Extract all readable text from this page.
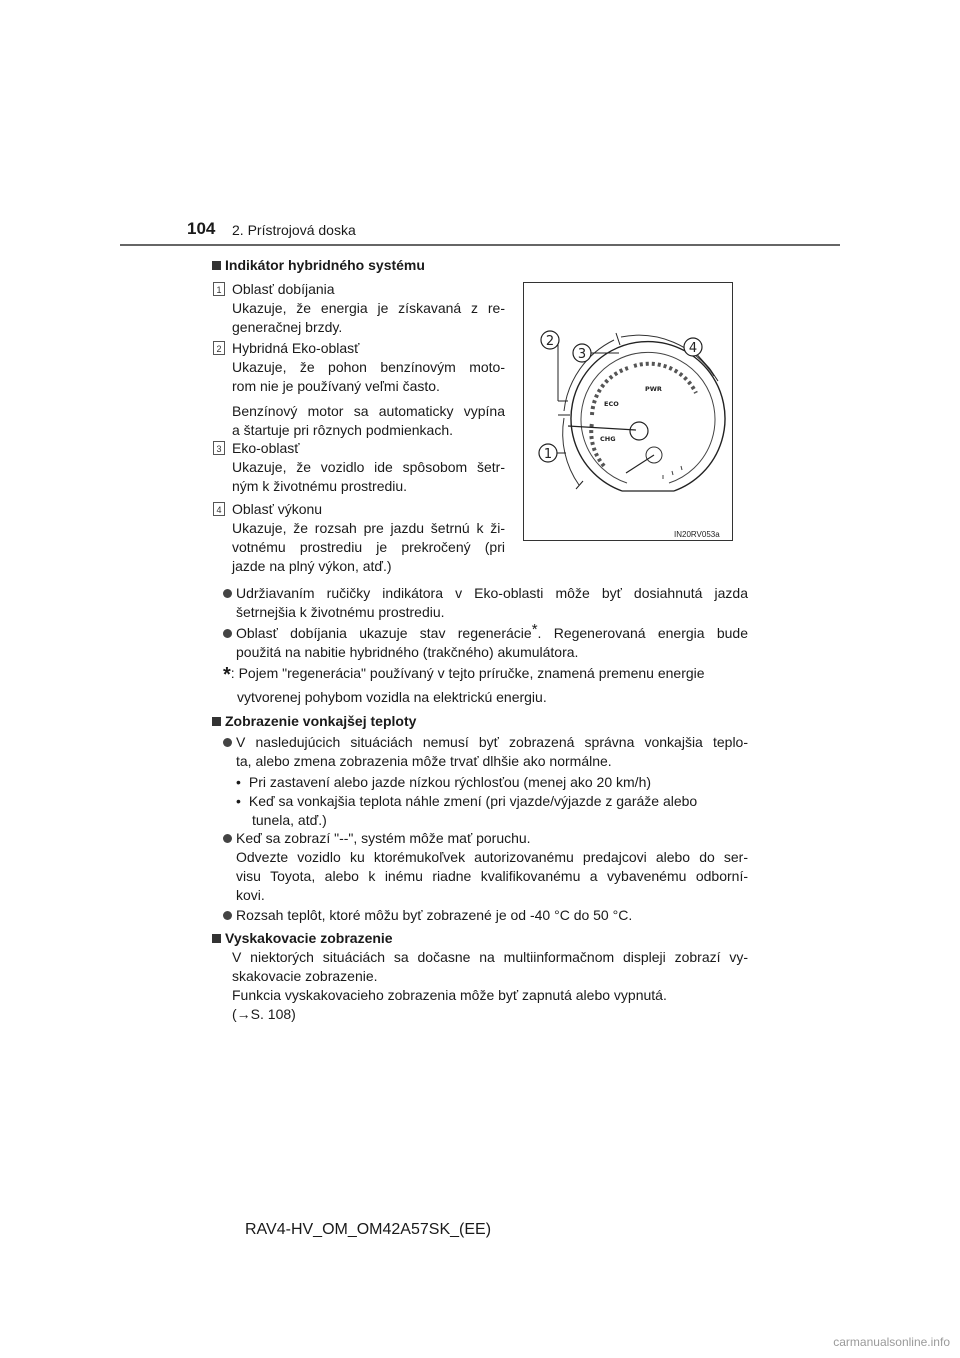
104 2. Prístrojová doska
Indikátor hybridného systému
1 Oblasť dobíjania
Ukazuje, že energia je získavaná z re-
generačnej brzdy.
2 Hybridná Eko-oblasť
Ukazuje, že pohon benzínovým moto-
rom nie je používaný veľmi často.
Benzínový motor sa automaticky vypína
a štartuje pri rôznych podmienkach.
3 Eko-oblasť
Ukazuje, že vozidlo ide spôsobom šetr-
ným k životnému prostrediu.
4 Oblasť výkonu
Ukazuje, že rozsah pre jazdu šetrnú k ži-
votnému prostrediu je prekročený (pri
jazde na plný výkon, atď.)
ECO
PWR
CHG
2
3	4
1
IN20RV053a
Udržiavaním ručičky indikátora v Eko-oblasti môže byť dosiahnutá jazda
šetrnejšia k životnému prostrediu.
Oblasť dobíjania ukazuje stav regenerácie*. Regenerovaná energia bude
použitá na nabitie hybridného (trakčného) akumulátora.
*: Pojem "regenerácia" používaný v tejto príručke, znamená premenu energie
vytvorenej pohybom vozidla na elektrickú energiu.
Zobrazenie vonkajšej teploty
V nasledujúcich situáciách nemusí byť zobrazená správna vonkajšia teplo-
ta, alebo zmena zobrazenia môže trvať dlhšie ako normálne.
• Pri zastavení alebo jazde nízkou rýchlosťou (menej ako 20 km/h)
• Keď sa vonkajšia teplota náhle zmení (pri vjazde/výjazde z garáže alebo
tunela, atď.)
Keď sa zobrazí "--", systém môže mať poruchu.
Odvezte vozidlo ku ktorémukoľvek autorizovanému predajcovi alebo do ser-
visu Toyota, alebo k inému riadne kvalifikovanému a vybavenému odborní-
kovi.
Rozsah teplôt, ktoré môžu byť zobrazené je od -40 °C do 50 °C.
Vyskakovacie zobrazenie
V niektorých situáciách sa dočasne na multiinformačnom displeji zobrazí vy-
skakovacie zobrazenie.
Funkcia vyskakovacieho zobrazenia môže byť zapnutá alebo vypnutá.
(→S. 108)
RAV4-HV_OM_OM42A57SK_(EE)
carmanualsonline.info
